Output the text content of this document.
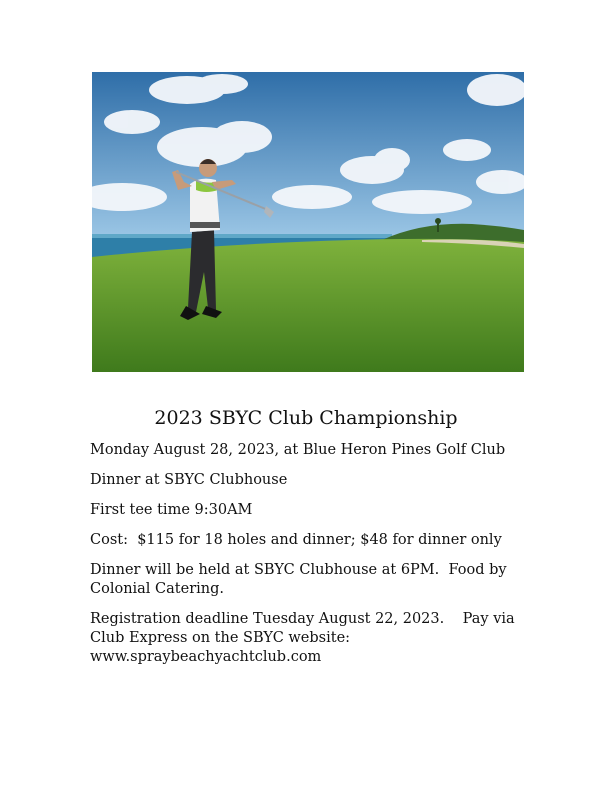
2023 SBYC Club Championship

Monday August 28, 2023, at Blue Heron Pines Golf Club

Dinner at SBYC Clubhouse

First tee time 9:30AM

Cost:  $115 for 18 holes and dinner; $48 for dinner only

Dinner will be held at SBYC Clubhouse at 6PM.  Food by Colonial Catering.

Registration deadline Tuesday August 22, 2023.    Pay via Club Express on the SBYC website: www.spraybeachyachtclub.com
